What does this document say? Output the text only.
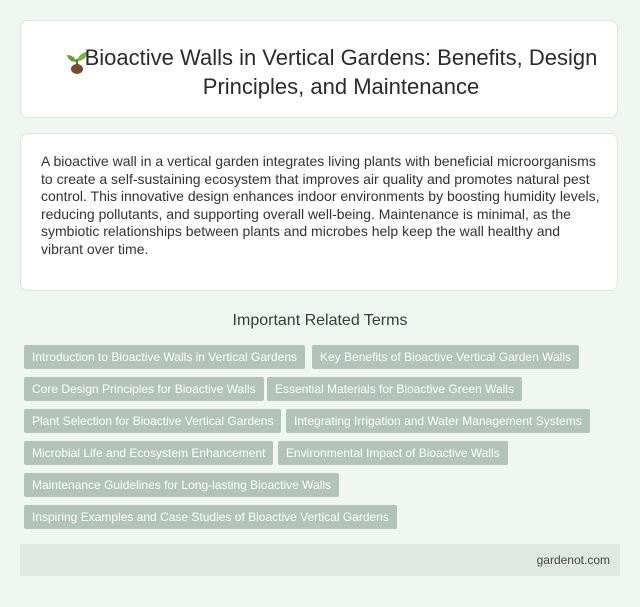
Bioactive Walls in Vertical Gardens: Benefits, Design Principles, and Maintenance

A bioactive wall in a vertical garden integrates living plants with beneficial microorganisms to create a self-sustaining ecosystem that improves air quality and promotes natural pest control. This innovative design enhances indoor environments by boosting humidity levels, reducing pollutants, and supporting overall well-being. Maintenance is minimal, as the symbiotic relationships between plants and microbes help keep the wall healthy and vibrant over time.

Important Related Terms
Introduction to Bioactive Walls in Vertical Gardens	Key Benefits of Bioactive Vertical Garden Walls
Core Design Principles for Bioactive Walls	Essential Materials for Bioactive Green Walls
Plant Selection for Bioactive Vertical Gardens	Integrating Irrigation and Water Management Systems
Microbial Life and Ecosystem Enhancement	Environmental Impact of Bioactive Walls
Maintenance Guidelines for Long-lasting Bioactive Walls
Inspiring Examples and Case Studies of Bioactive Vertical Gardens
gardenot.com
